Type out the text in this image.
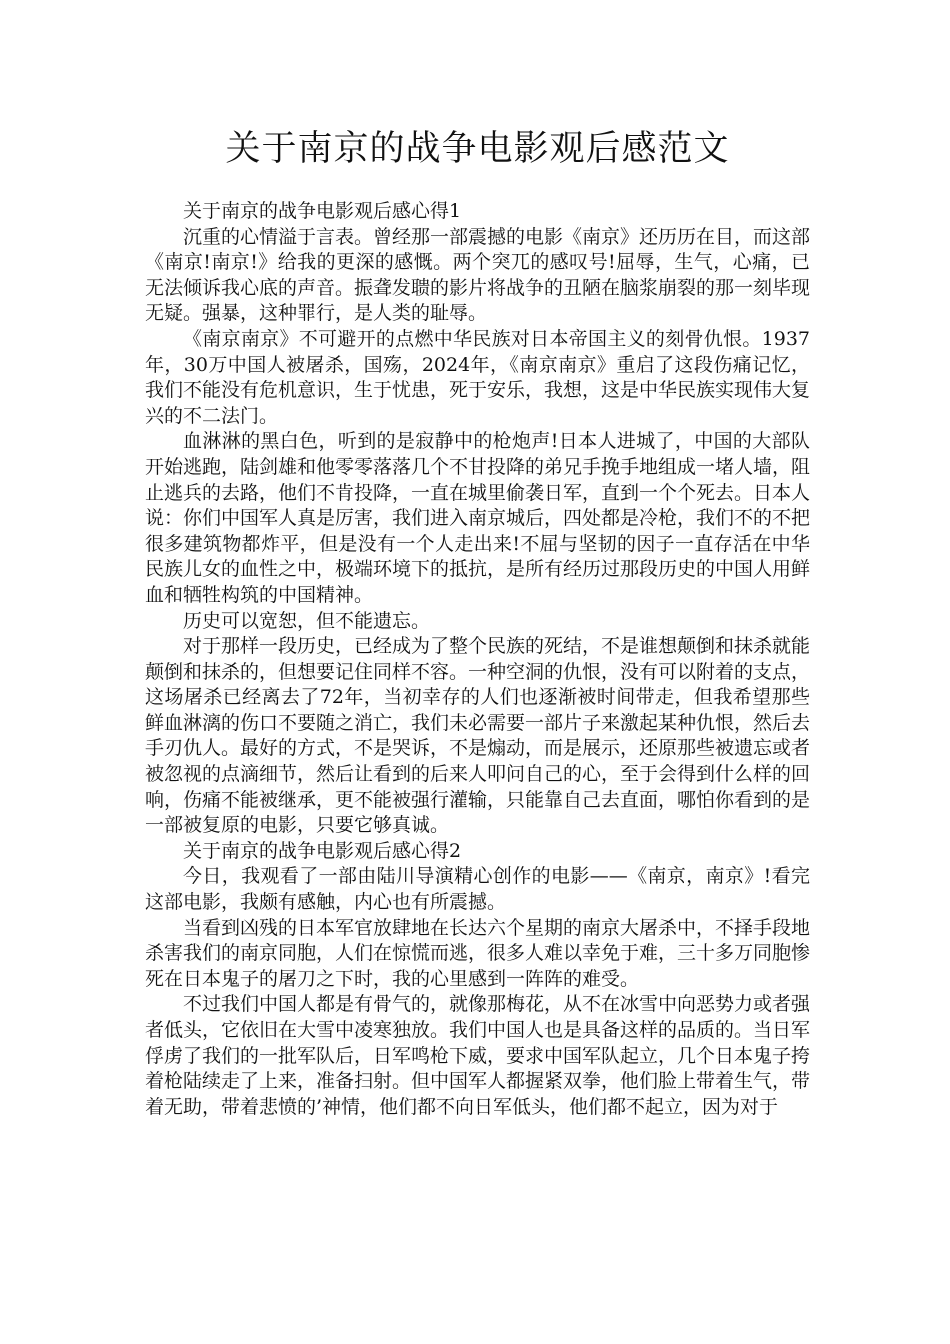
关于南京的战争电影观后感范文

关于南京的战争电影观后感心得1

沉重的心情溢于言表。曾经那一部震撼的电影《南京》还历历在目，而这部《南京!南京!》给我的更深的感慨。两个突兀的感叹号!屈辱，生气，心痛，已无法倾诉我心底的声音。振聋发聩的影片将战争的丑陋在脑浆崩裂的那一刻毕现无疑。强暴，这种罪行，是人类的耻辱。

《南京南京》不可避开的点燃中华民族对日本帝国主义的刻骨仇恨。1937年，30万中国人被屠杀，国殇，2024年，《南京南京》重启了这段伤痛记忆，我们不能没有危机意识，生于忧患，死于安乐，我想，这是中华民族实现伟大复兴的不二法门。

血淋淋的黑白色，听到的是寂静中的枪炮声!日本人进城了，中国的大部队开始逃跑，陆剑雄和他零零落落几个不甘投降的弟兄手挽手地组成一堵人墙，阻止逃兵的去路，他们不肯投降，一直在城里偷袭日军，直到一个个死去。日本人说：你们中国军人真是厉害，我们进入南京城后，四处都是冷枪，我们不的不把很多建筑物都炸平，但是没有一个人走出来!不屈与坚韧的因子一直存活在中华民族儿女的血性之中，极端环境下的抵抗，是所有经历过那段历史的中国人用鲜血和牺牲构筑的中国精神。

历史可以宽恕，但不能遗忘。

对于那样一段历史，已经成为了整个民族的死结，不是谁想颠倒和抹杀就能颠倒和抹杀的，但想要记住同样不容。一种空洞的仇恨，没有可以附着的支点，这场屠杀已经离去了72年，当初幸存的人们也逐渐被时间带走，但我希望那些鲜血淋漓的伤口不要随之消亡，我们未必需要一部片子来激起某种仇恨，然后去手刃仇人。最好的方式，不是哭诉，不是煽动，而是展示，还原那些被遗忘或者被忽视的点滴细节，然后让看到的后来人叩问自己的心，至于会得到什么样的回响，伤痛不能被继承，更不能被强行灌输，只能靠自己去直面，哪怕你看到的是一部被复原的电影，只要它够真诚。

关于南京的战争电影观后感心得2

今日，我观看了一部由陆川导演精心创作的电影——《南京，南京》!看完这部电影，我颇有感触，内心也有所震撼。

当看到凶残的日本军官放肆地在长达六个星期的南京大屠杀中，不择手段地杀害我们的南京同胞，人们在惊慌而逃，很多人难以幸免于难，三十多万同胞惨死在日本鬼子的屠刀之下时，我的心里感到一阵阵的难受。

不过我们中国人都是有骨气的，就像那梅花，从不在冰雪中向恶势力或者强者低头，它依旧在大雪中凌寒独放。我们中国人也是具备这样的品质的。当日军俘虏了我们的一批军队后，日军鸣枪下威，要求中国军队起立，几个日本鬼子挎着枪陆续走了上来，准备扫射。但中国军人都握紧双拳，他们脸上带着生气，带着无助，带着悲愤的’神情，他们都不向日军低头，他们都不起立，因为对于
